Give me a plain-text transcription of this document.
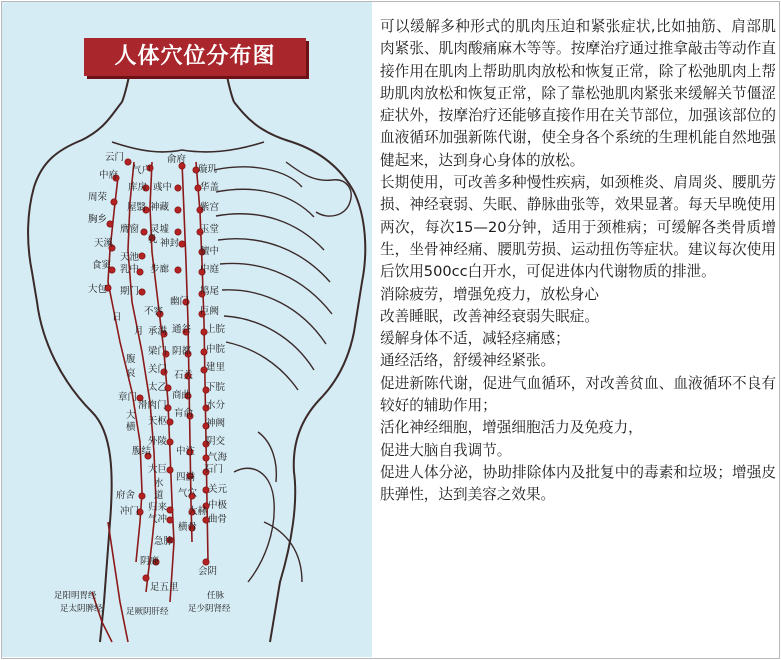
云门
气户
俞府
璇玑
中府
库房 彧中	华盖
周荣
屋翳 神藏	紫宫
胸乡
膺窗 灵墟	玉堂
天溪	乳 神封
天池
膻中
食窦 乳中 步廊	中庭
大包 期门	鸠尾
幽门
不容	巨阙
日
月 承满 通谷 上脘
梁门 阴都 中脘
腹
哀 关门
石关
建里
太乙
商曲
下脘
章门
滑肉门	水分
大
横
天枢
肓俞
神阙
外陵	阴交
腹结	中注
气海
四满
石门
大巨
关元
水
道 气穴
中极
府舍
归来 大赫
曲骨
冲门
气冲
横骨
急脉
阴廉
会阴
足五里
足阳明胃经
足太阴脾经	足厥阴肝经
任脉
足少阴肾经
人体穴位分布图

可以缓解多种形式的肌肉压迫和紧张症状,比如抽筋、肩部肌肉紧张、肌肉酸痛麻木等等。按摩治疗通过推拿敲击等动作直接作用在肌肉上帮助肌肉放松和恢复正常，除了松弛肌肉上帮助肌肉放松和恢复正常，除了靠松弛肌肉紧张来缓解关节僵涩症状外，按摩治疗还能够直接作用在关节部位，加强该部位的血液循环加强新陈代谢，使全身各个系统的生理机能自然地强健起来，达到身心身体的放松。

长期使用，可改善多种慢性疾病，如颈椎炎、肩周炎、腰肌劳损、神经衰弱、失眠、静脉曲张等，效果显著。每天早晚使用两次，每次15—20分钟，适用于颈椎病；可缓解各类骨质增生，坐骨神经痛、腰肌劳损、运动扭伤等症状。建议每次使用后饮用500cc白开水，可促进体内代谢物质的排泄。

消除疲劳，增强免疫力，放松身心

改善睡眠，改善神经衰弱失眠症。

缓解身体不适，减轻痉痛感；

通经活络，舒缓神经紧张。

促进新陈代谢，促进气血循环，对改善贫血、血液循环不良有较好的辅助作用；

活化神经细胞，增强细胞活力及免疫力，

促进大脑自我调节。

促进人体分泌，协助排除体内及批复中的毒素和垃圾；增强皮肤弹性，达到美容之效果。
